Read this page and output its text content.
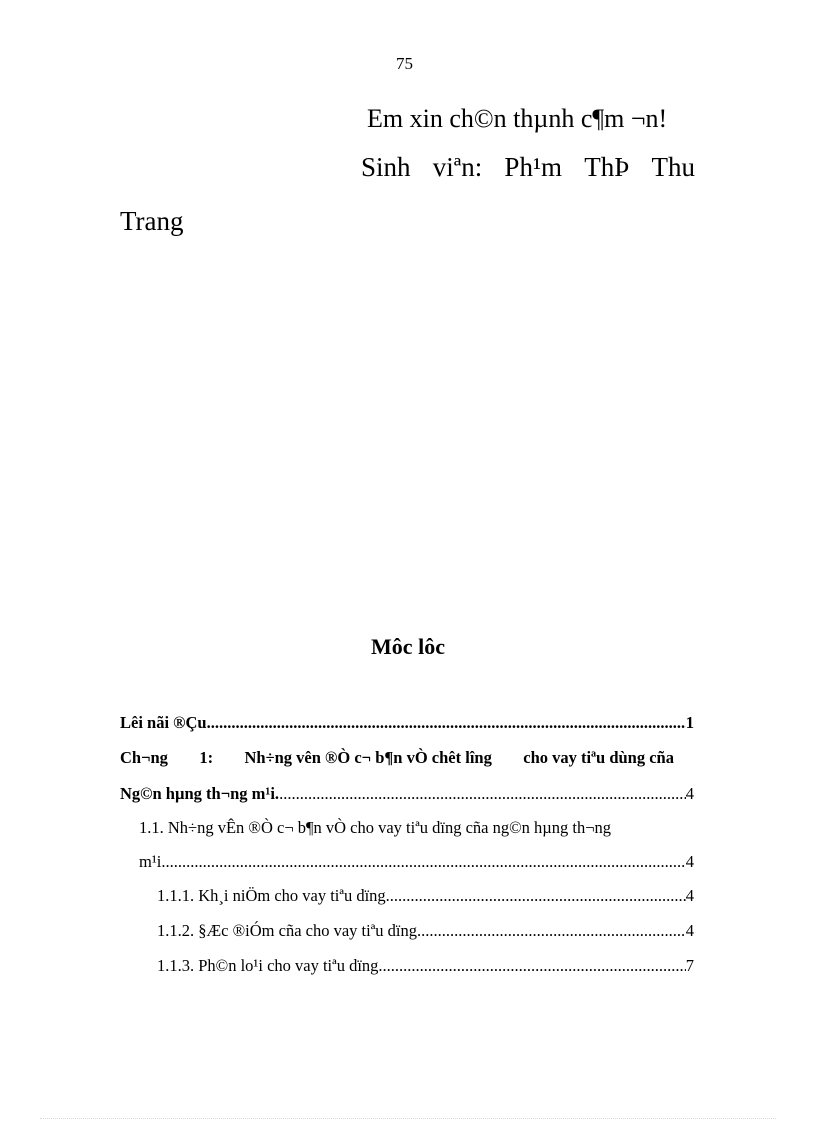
75
Em xin ch©n thµnh c¶m ¬n!
Sinh viªn: Ph¹m ThÞ Thu
Trang
Môc lôc
Lêi nãi ®Çu .....	1
Ch¬ng 1: Nh÷ng vên ®Ò c¬ b¶n vÒ chêt lîng cho vay tiªu dùng cña
Ng©n hµng th¬ng m¹i. .....	4
1.1. Nh÷ng vÊn ®Ò c¬ b¶n vÒ cho vay tiªu dïng cña ng©n hµng th¬ng
m¹i. .....	4
1.1.1. Kh¸i niÖm cho vay tiªu dïng. .....	4
1.1.2. §Æc ®iÓm cña cho vay tiªu dïng .....	4
1.1.3. Ph©n lo¹i cho vay tiªu dïng .....	7
